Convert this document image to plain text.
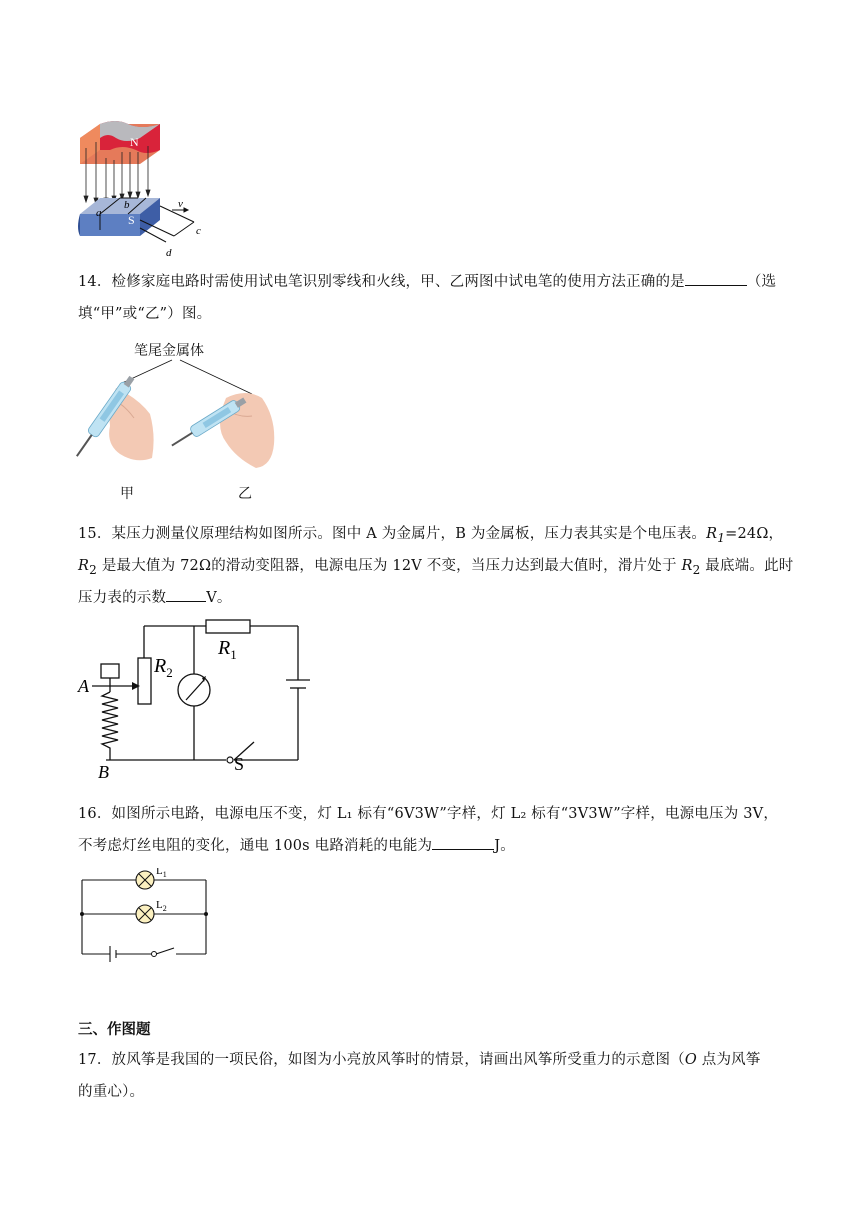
N
b
a S
v
c
d
14．检修家庭电路时需使用试电笔识别零线和火线，甲、乙两图中试电笔的使用方法正确的是	（选
填“甲”或“乙”）图。
笔尾金属体
甲	乙
15．某压力测量仪原理结构如图所示。图中 A 为金属片，B 为金属板，压力表其实是个电压表。$R_1=24\Omega$，
$R_2$ 是最大值为 72Ω的滑动变阻器，电源电压为 12V 不变，当压力达到最大值时，滑片处于 $R_2$ 最底端。此时
压力表的示数	V。
A
B
$R_1$
$R_2$
S
16．如图所示电路，电源电压不变，灯 L₁ 标有“6V3W”字样，灯 L₂ 标有“3V3W”字样，电源电压为 3V，
不考虑灯丝电阻的变化，通电 100s 电路消耗的电能为	J。
$L_1$
$L_2$
三、作图题
17．放风筝是我国的一项民俗，如图为小亮放风筝时的情景，请画出风筝所受重力的示意图（O 点为风筝
的重心）。
